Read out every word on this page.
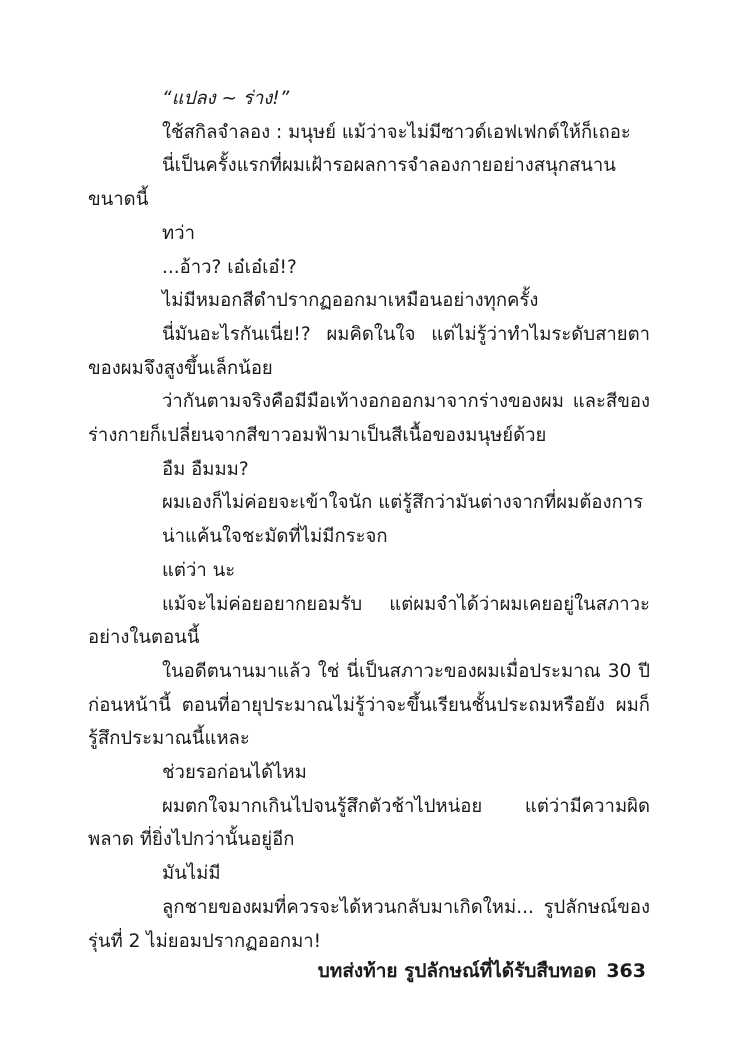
“แปลง ~ ร่าง!”

ใช้สกิลจำลอง : มนุษย์ แม้ว่าจะไม่มีซาวด์เอฟเฟกต์ให้ก็เถอะ

นี่เป็นครั้งแรกที่ผมเฝ้ารอผลการจำลองกายอย่างสนุกสนาน ขนาดนี้

ทว่า

...อ้าว? เอ๋เอ๋เอ๋!?

ไม่มีหมอกสีดำปรากฏออกมาเหมือนอย่างทุกครั้ง

นี่มันอะไรกันเนี่ย!? ผมคิดในใจ แต่ไม่รู้ว่าทำไมระดับสายตา ของผมจึงสูงขึ้นเล็กน้อย

ว่ากันตามจริงคือมีมือเท้างอกออกมาจากร่างของผม และสีของ ร่างกายก็เปลี่ยนจากสีขาวอมฟ้ามาเป็นสีเนื้อของมนุษย์ด้วย

อืม อืมมม?

ผมเองก็ไม่ค่อยจะเข้าใจนัก แต่รู้สึกว่ามันต่างจากที่ผมต้องการ

น่าแค้นใจชะมัดที่ไม่มีกระจก

แต่ว่า นะ

แม้จะไม่ค่อยอยากยอมรับ แต่ผมจำได้ว่าผมเคยอยู่ในสภาวะ อย่างในตอนนี้

ในอดีตนานมาแล้ว ใช่ นี่เป็นสภาวะของผมเมื่อประมาณ 30 ปี ก่อนหน้านี้ ตอนที่อายุประมาณไม่รู้ว่าจะขึ้นเรียนชั้นประถมหรือยัง ผมก็ รู้สึกประมาณนี้แหละ

ช่วยรอก่อนได้ไหม

ผมตกใจมากเกินไปจนรู้สึกตัวช้าไปหน่อย แต่ว่ามีความผิดพลาด ที่ยิ่งไปกว่านั้นอยู่อีก

มันไม่มี

ลูกชายของผมที่ควรจะได้หวนกลับมาเกิดใหม่... รูปลักษณ์ของ รุ่นที่ 2 ไม่ยอมปรากฏออกมา!

บทส่งท้าย รูปลักษณ์ที่ได้รับสืบทอด 363
